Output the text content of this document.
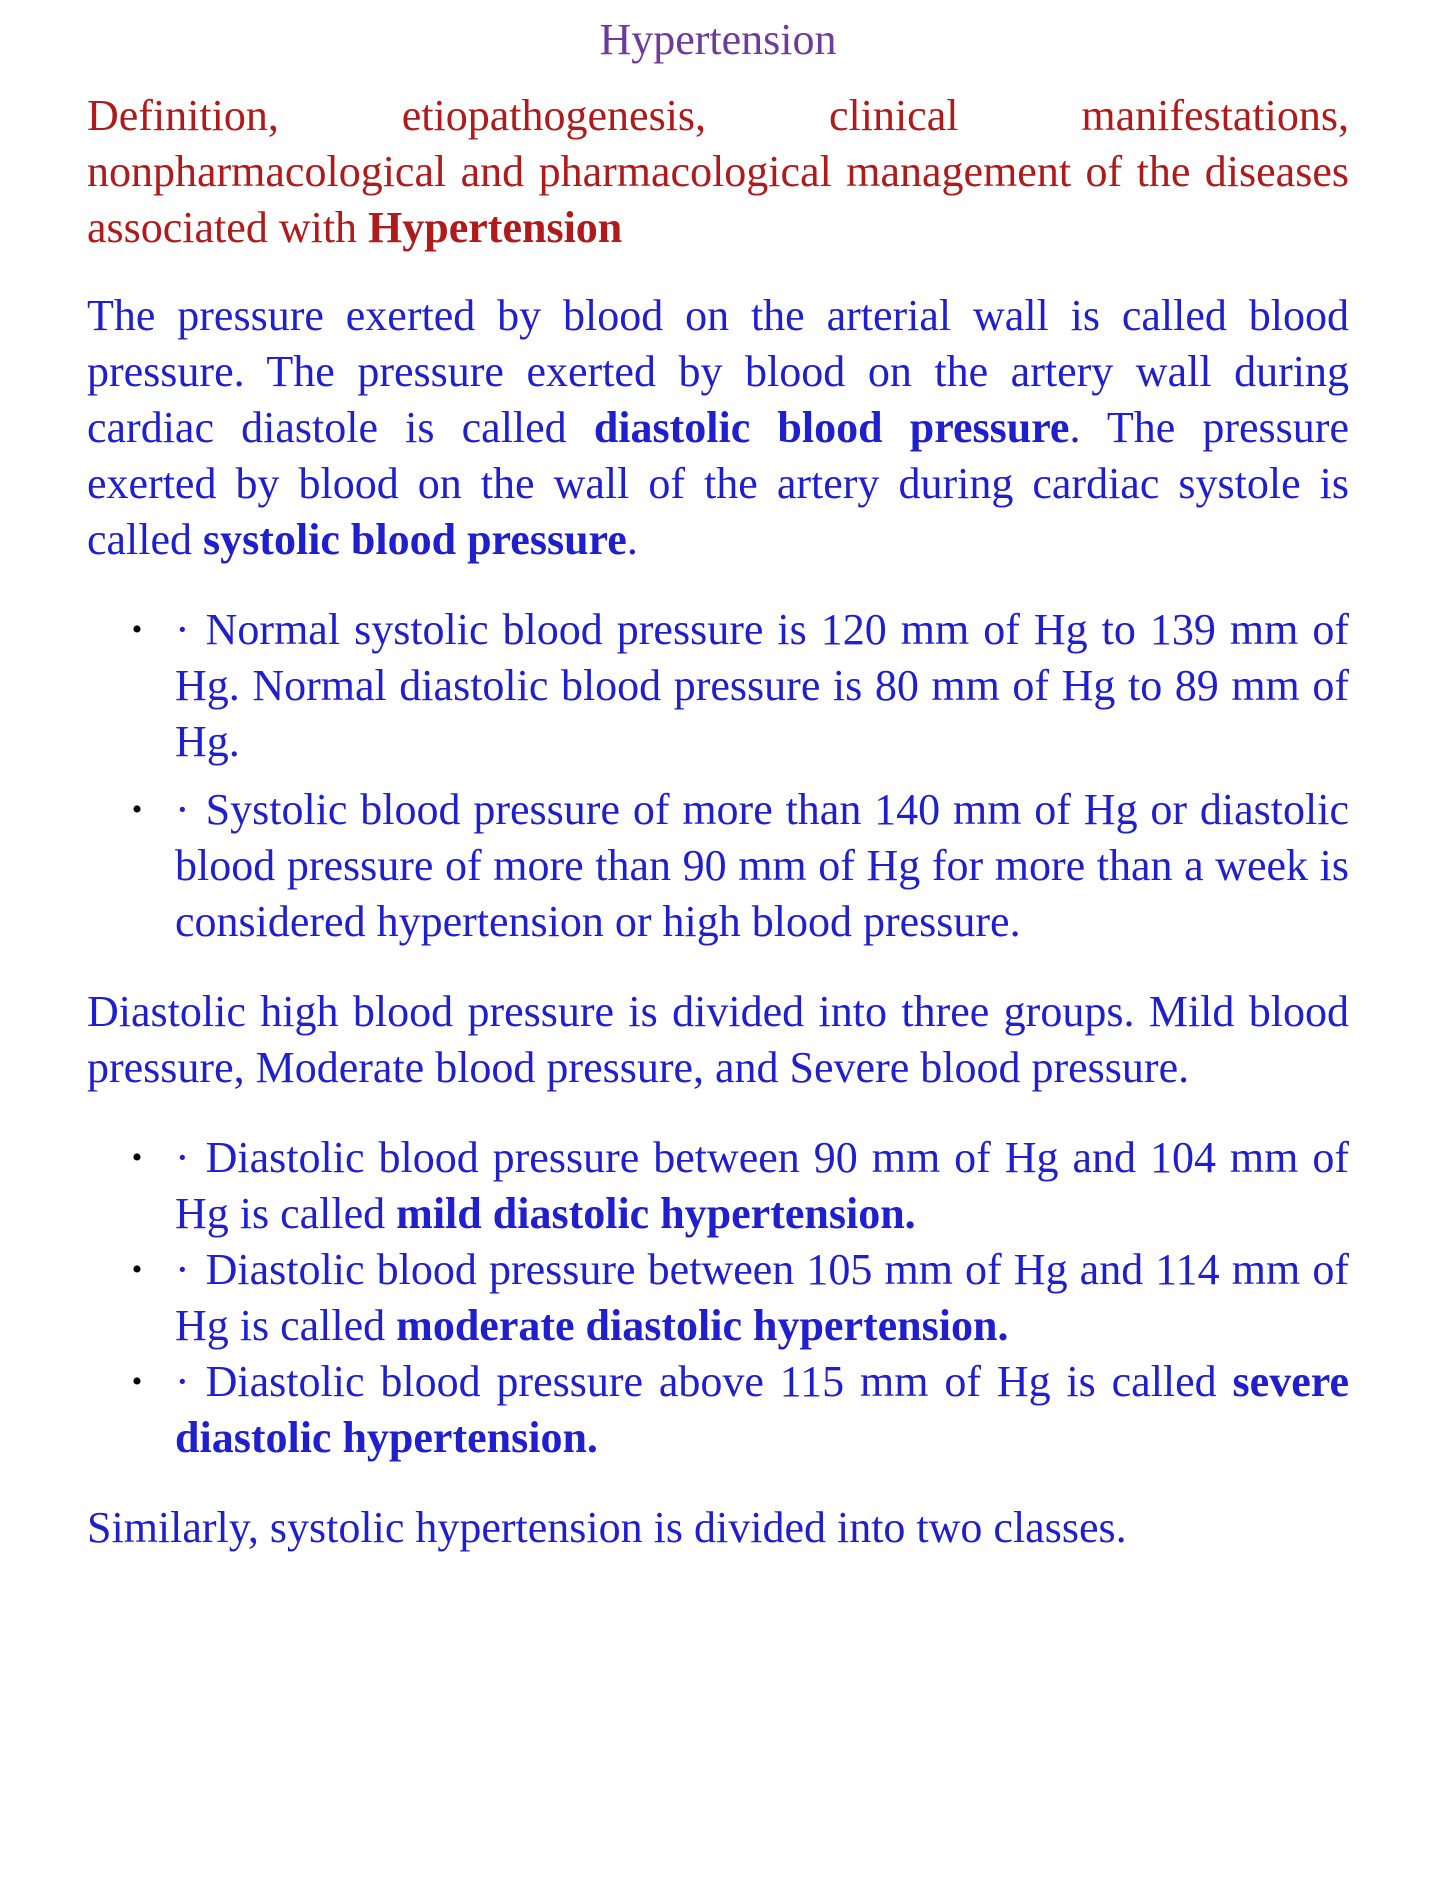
Hypertension

Definition, etiopathogenesis, clinical manifestations, nonpharmacological and pharmacological management of the diseases associated with Hypertension

The pressure exerted by blood on the arterial wall is called blood pressure. The pressure exerted by blood on the artery wall during cardiac diastole is called diastolic blood pressure. The pressure exerted by blood on the wall of the artery during cardiac systole is called systolic blood pressure.

•
· Normal systolic blood pressure is 120 mm of Hg to 139 mm of Hg. Normal diastolic blood pressure is 80 mm of Hg to 89 mm of Hg.
•
· Systolic blood pressure of more than 140 mm of Hg or diastolic blood pressure of more than 90 mm of Hg for more than a week is considered hypertension or high blood pressure.

Diastolic high blood pressure is divided into three groups. Mild blood pressure, Moderate blood pressure, and Severe blood pressure.

•
· Diastolic blood pressure between 90 mm of Hg and 104 mm of Hg is called mild diastolic hypertension.
•
· Diastolic blood pressure between 105 mm of Hg and 114 mm of Hg is called moderate diastolic hypertension.
•
· Diastolic blood pressure above 115 mm of Hg is called severe diastolic hypertension.

Similarly, systolic hypertension is divided into two classes.
